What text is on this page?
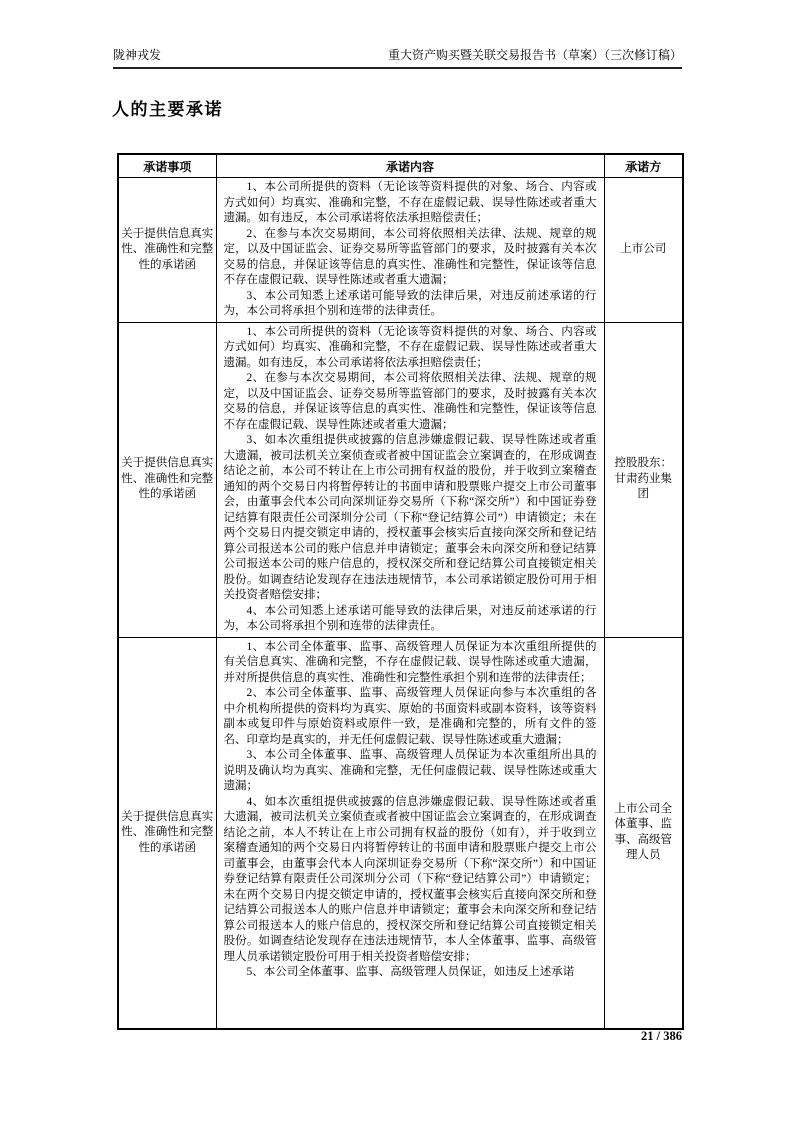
陇神戎发	重大资产购买暨关联交易报告书（草案）（三次修订稿）
人的主要承诺
承诺事项	承诺内容	承诺方
关于提供信息真实性、准确性和完整性的承诺函	1、本公司所提供的资料（无论该等资料提供的对象、场合、内容或方式如何）均真实、准确和完整，不存在虚假记载、误导性陈述或者重大遗漏。如有违反，本公司承诺将依法承担赔偿责任；

2、在参与本次交易期间，本公司将依照相关法律、法规、规章的规定，以及中国证监会、证券交易所等监管部门的要求，及时披露有关本次交易的信息，并保证该等信息的真实性、准确性和完整性，保证该等信息不存在虚假记载、误导性陈述或者重大遗漏；

3、本公司知悉上述承诺可能导致的法律后果，对违反前述承诺的行为，本公司将承担个别和连带的法律责任。	上市公司
关于提供信息真实性、准确性和完整性的承诺函	1、本公司所提供的资料（无论该等资料提供的对象、场合、内容或方式如何）均真实、准确和完整，不存在虚假记载、误导性陈述或者重大遗漏。如有违反，本公司承诺将依法承担赔偿责任；

2、在参与本次交易期间，本公司将依照相关法律、法规、规章的规定，以及中国证监会、证券交易所等监管部门的要求，及时披露有关本次交易的信息，并保证该等信息的真实性、准确性和完整性，保证该等信息不存在虚假记载、误导性陈述或者重大遗漏；

3、如本次重组提供或披露的信息涉嫌虚假记载、误导性陈述或者重大遗漏，被司法机关立案侦查或者被中国证监会立案调查的，在形成调查结论之前，本公司不转让在上市公司拥有权益的股份，并于收到立案稽查通知的两个交易日内将暂停转让的书面申请和股票账户提交上市公司董事会，由董事会代本公司向深圳证券交易所（下称“深交所”）和中国证券登记结算有限责任公司深圳分公司（下称“登记结算公司”）申请锁定；未在两个交易日内提交锁定申请的，授权董事会核实后直接向深交所和登记结算公司报送本公司的账户信息并申请锁定；董事会未向深交所和登记结算公司报送本公司的账户信息的，授权深交所和登记结算公司直接锁定相关股份。如调查结论发现存在违法违规情节，本公司承诺锁定股份可用于相关投资者赔偿安排；

4、本公司知悉上述承诺可能导致的法律后果，对违反前述承诺的行为，本公司将承担个别和连带的法律责任。	控股股东：甘肃药业集团
关于提供信息真实性、准确性和完整性的承诺函	1、本公司全体董事、监事、高级管理人员保证为本次重组所提供的有关信息真实、准确和完整，不存在虚假记载、误导性陈述或重大遗漏，并对所提供信息的真实性、准确性和完整性承担个别和连带的法律责任；

2、本公司全体董事、监事、高级管理人员保证向参与本次重组的各中介机构所提供的资料均为真实、原始的书面资料或副本资料，该等资料副本或复印件与原始资料或原件一致，是准确和完整的，所有文件的签名、印章均是真实的，并无任何虚假记载、误导性陈述或重大遗漏；

3、本公司全体董事、监事、高级管理人员保证为本次重组所出具的说明及确认均为真实、准确和完整，无任何虚假记载、误导性陈述或重大遗漏；

4、如本次重组提供或披露的信息涉嫌虚假记载、误导性陈述或者重大遗漏，被司法机关立案侦查或者被中国证监会立案调查的，在形成调查结论之前，本人不转让在上市公司拥有权益的股份（如有），并于收到立案稽查通知的两个交易日内将暂停转让的书面申请和股票账户提交上市公司董事会，由董事会代本人向深圳证券交易所（下称“深交所”）和中国证券登记结算有限责任公司深圳分公司（下称“登记结算公司”）申请锁定；未在两个交易日内提交锁定申请的，授权董事会核实后直接向深交所和登记结算公司报送本人的账户信息并申请锁定；董事会未向深交所和登记结算公司报送本人的账户信息的，授权深交所和登记结算公司直接锁定相关股份。如调查结论发现存在违法违规情节，本人全体董事、监事、高级管理人员承诺锁定股份可用于相关投资者赔偿安排；

5、本公司全体董事、监事、高级管理人员保证，如违反上述承诺	上市公司全体董事、监事、高级管理人员
21 / 386
